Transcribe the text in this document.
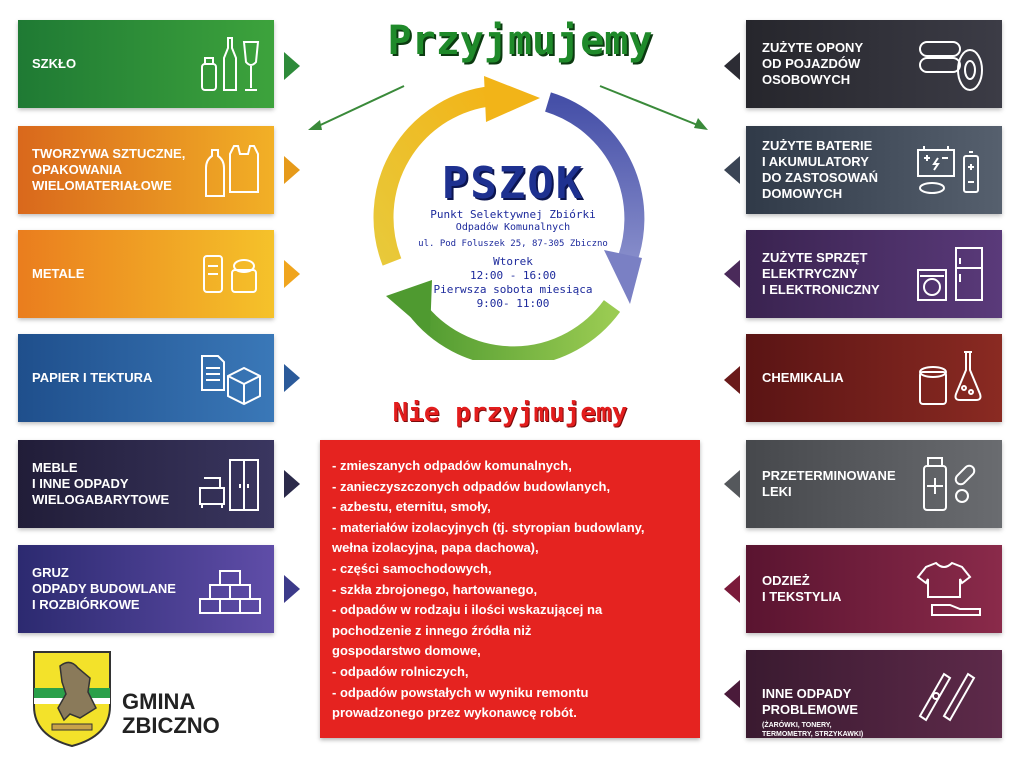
SZKŁO
TWORZYWA SZTUCZNE,
OPAKOWANIA
WIELOMATERIAŁOWE
METALE
PAPIER I TEKTURA
MEBLE
I INNE ODPADY
WIELOGABARYTOWE
GRUZ
ODPADY BUDOWLANE
I ROZBIÓRKOWE
ZUŻYTE OPONY
OD POJAZDÓW
OSOBOWYCH
ZUŻYTE BATERIE
I AKUMULATORY
DO ZASTOSOWAŃ
DOMOWYCH
ZUŻYTE SPRZĘT
ELEKTRYCZNY
I ELEKTRONICZNY
CHEMIKALIA
PRZETERMINOWANE
LEKI
ODZIEŻ
I TEKSTYLIA

INNE ODPADY
PROBLEMOWE

(ŻARÓWKI, TONERY,
TERMOMETRY, STRZYKAWKI)

Przyjmujemy
PSZOK
Punkt Selektywnej Zbiórki
Odpadów Komunalnych
ul. Pod Foluszek 25, 87-305 Zbiczno
Wtorek
12:00 - 16:00
Pierwsza sobota miesiąca
9:00- 11:00
Nie przyjmujemy
- zmieszanych odpadów komunalnych,
- zanieczyszczonych odpadów budowlanych,
- azbestu, eternitu, smoły,
- materiałów izolacyjnych (tj. styropian budowlany,
wełna izolacyjna, papa dachowa),
- części samochodowych,
- szkła zbrojonego, hartowanego,
- odpadów w rodzaju i ilości wskazującej na
pochodzenie z innego źródła niż
gospodarstwo domowe,
- odpadów rolniczych,
- odpadów powstałych w wyniku remontu
prowadzonego przez wykonawcę robót.
GMINA
ZBICZNO
